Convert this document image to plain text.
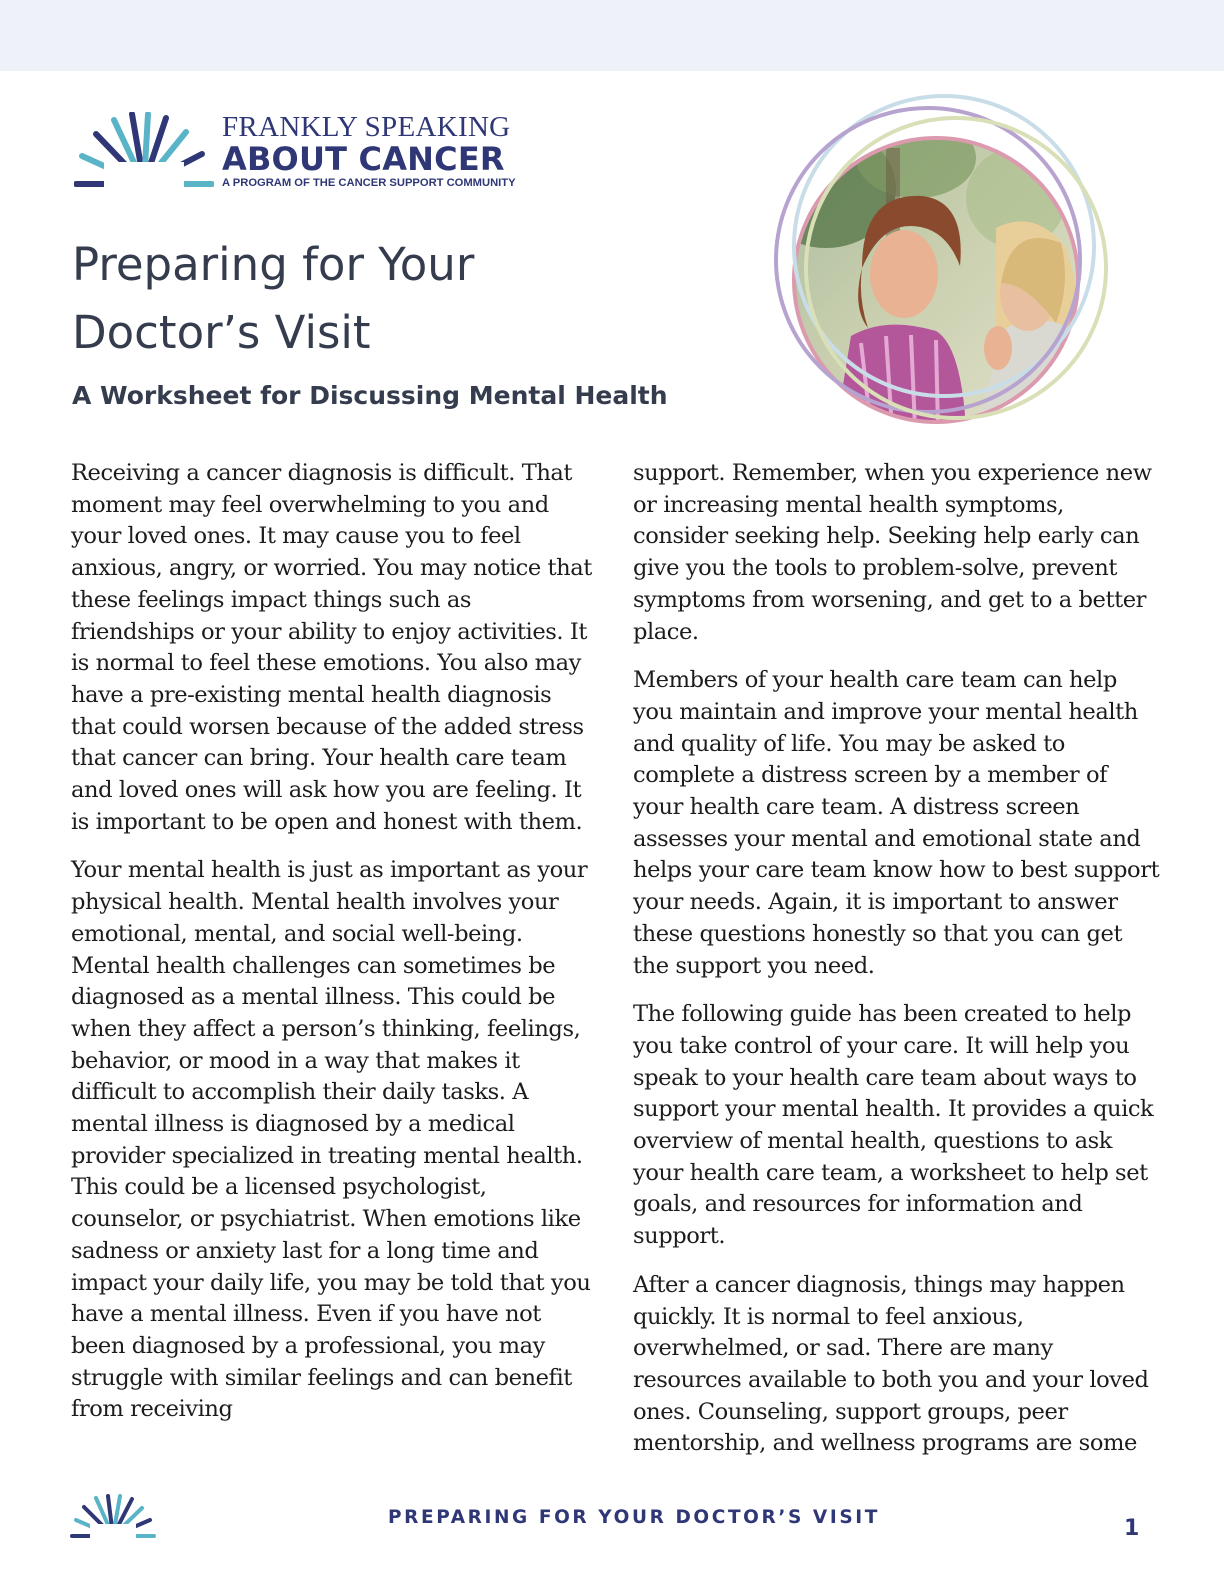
FRANKLY SPEAKING
ABOUT CANCER
A PROGRAM OF THE CANCER SUPPORT COMMUNITY
Preparing for Your
Doctor’s Visit
A Worksheet for Discussing Mental Health

Receiving a cancer diagnosis is difficult. That moment may feel overwhelming to you and your loved ones. It may cause you to feel anxious, angry, or worried. You may notice that these feelings impact things such as friendships or your ability to enjoy activities. It is normal to feel these emotions. You also may have a pre-existing mental health diagnosis that could worsen because of the added stress that cancer can bring. Your health care team and loved ones will ask how you are feeling. It is important to be open and honest with them.

Your mental health is just as important as your physical health. Mental health involves your emotional, mental, and social well-being. Mental health challenges can sometimes be diagnosed as a mental illness. This could be when they affect a person’s thinking, feelings, behavior, or mood in a way that makes it difficult to accomplish their daily tasks. A mental illness is diagnosed by a medical provider specialized in treating mental health. This could be a licensed psychologist, counselor, or psychiatrist. When emotions like sadness or anxiety last for a long time and impact your daily life, you may be told that you have a mental illness. Even if you have not been diagnosed by a professional, you may struggle with similar feelings and can benefit from receiving

support. Remember, when you experience new or increasing mental health symptoms, consider seeking help. Seeking help early can give you the tools to problem-solve, prevent symptoms from worsening, and get to a better place.

Members of your health care team can help you maintain and improve your mental health and quality of life. You may be asked to complete a distress screen by a member of your health care team. A distress screen assesses your mental and emotional state and helps your care team know how to best support your needs. Again, it is important to answer these questions honestly so that you can get the support you need.

The following guide has been created to help you take control of your care. It will help you speak to your health care team about ways to support your mental health. It provides a quick overview of mental health, questions to ask your health care team, a worksheet to help set goals, and resources for information and support.

After a cancer diagnosis, things may happen quickly. It is normal to feel anxious, overwhelmed, or sad. There are many resources available to both you and your loved ones. Counseling, support groups, peer mentorship, and wellness programs are some

PREPARING FOR YOUR DOCTOR’S VISIT	1
